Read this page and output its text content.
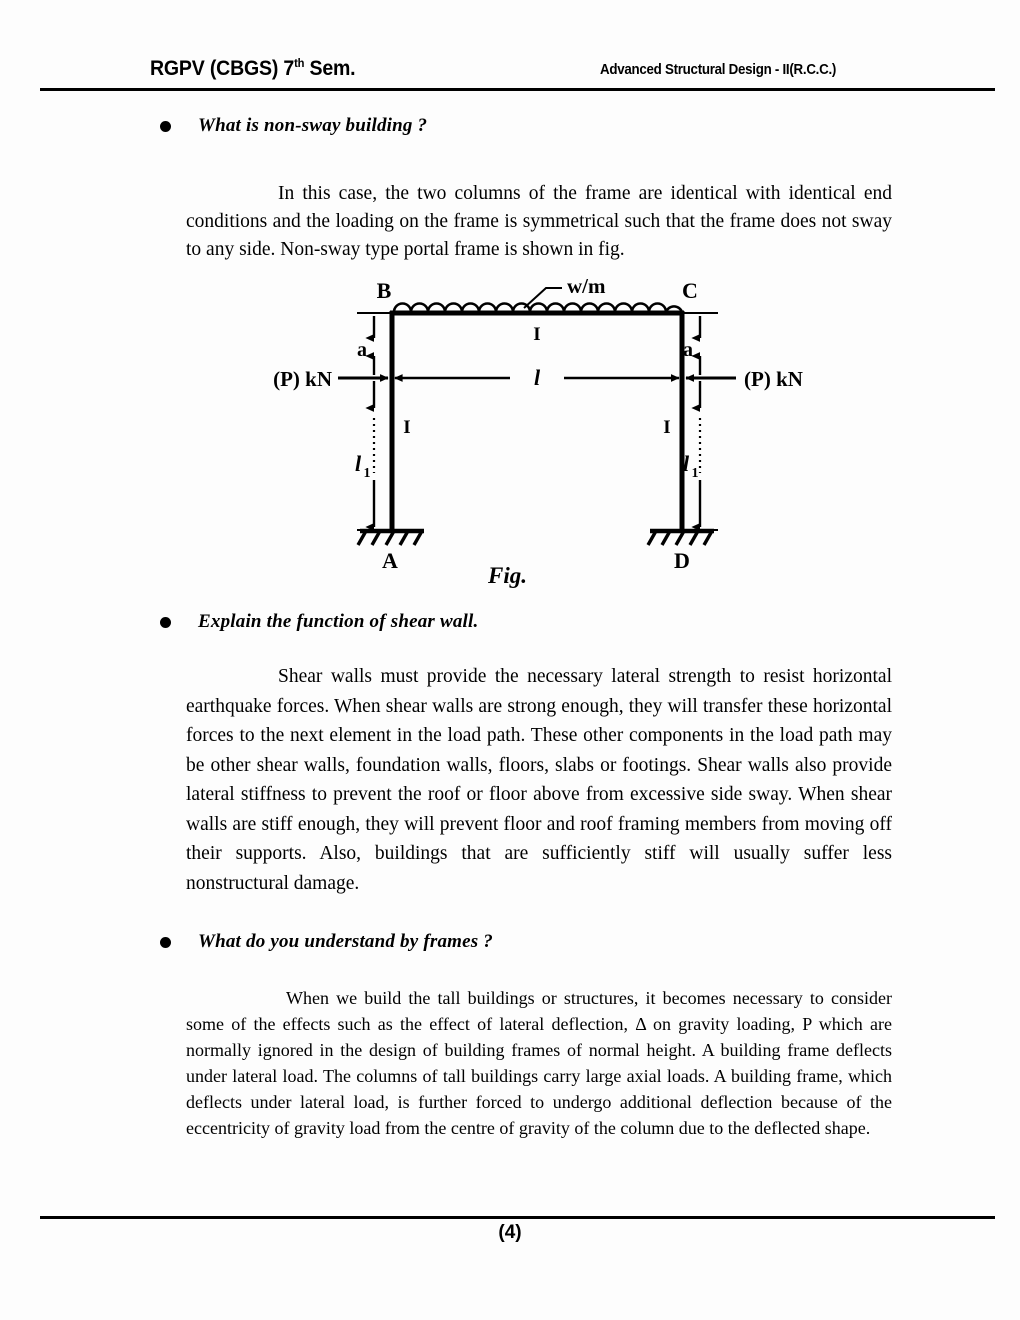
RGPV (CBGS) 7th Sem.	Advanced Structural Design - II(R.C.C.)
What is non-sway building ?

In this case, the two columns of the frame are identical with identical end conditions and the loading on the frame is symmetrical such that the frame does not sway to any side. Non-sway type portal frame is shown in fig.

B	C
A	D
w/m
I
I	I
l
a	a
l 1	l 1
(P) kN	(P) kN
Fig.
Explain the function of shear wall.

Shear walls must provide the necessary lateral strength to resist horizontal earthquake forces. When shear walls are strong enough, they will transfer these horizontal forces to the next element in the load path. These other components in the load path may be other shear walls, foundation walls, floors, slabs or footings. Shear walls also provide lateral stiffness to prevent the roof or floor above from excessive side sway. When shear walls are stiff enough, they will prevent floor and roof framing members from moving off their supports. Also, buildings that are sufficiently stiff will usually suffer less nonstructural damage.

What do you understand by frames ?

When we build the tall buildings or structures, it becomes necessary to consider some of the effects such as the effect of lateral deflection, Δ on gravity loading, P which are normally ignored in the design of building frames of normal height. A building frame deflects under lateral load. The columns of tall buildings carry large axial loads. A building frame, which deflects under lateral load, is further forced to undergo additional deflection because of the eccentricity of gravity load from the centre of gravity of the column due to the deflected shape.

(4)
